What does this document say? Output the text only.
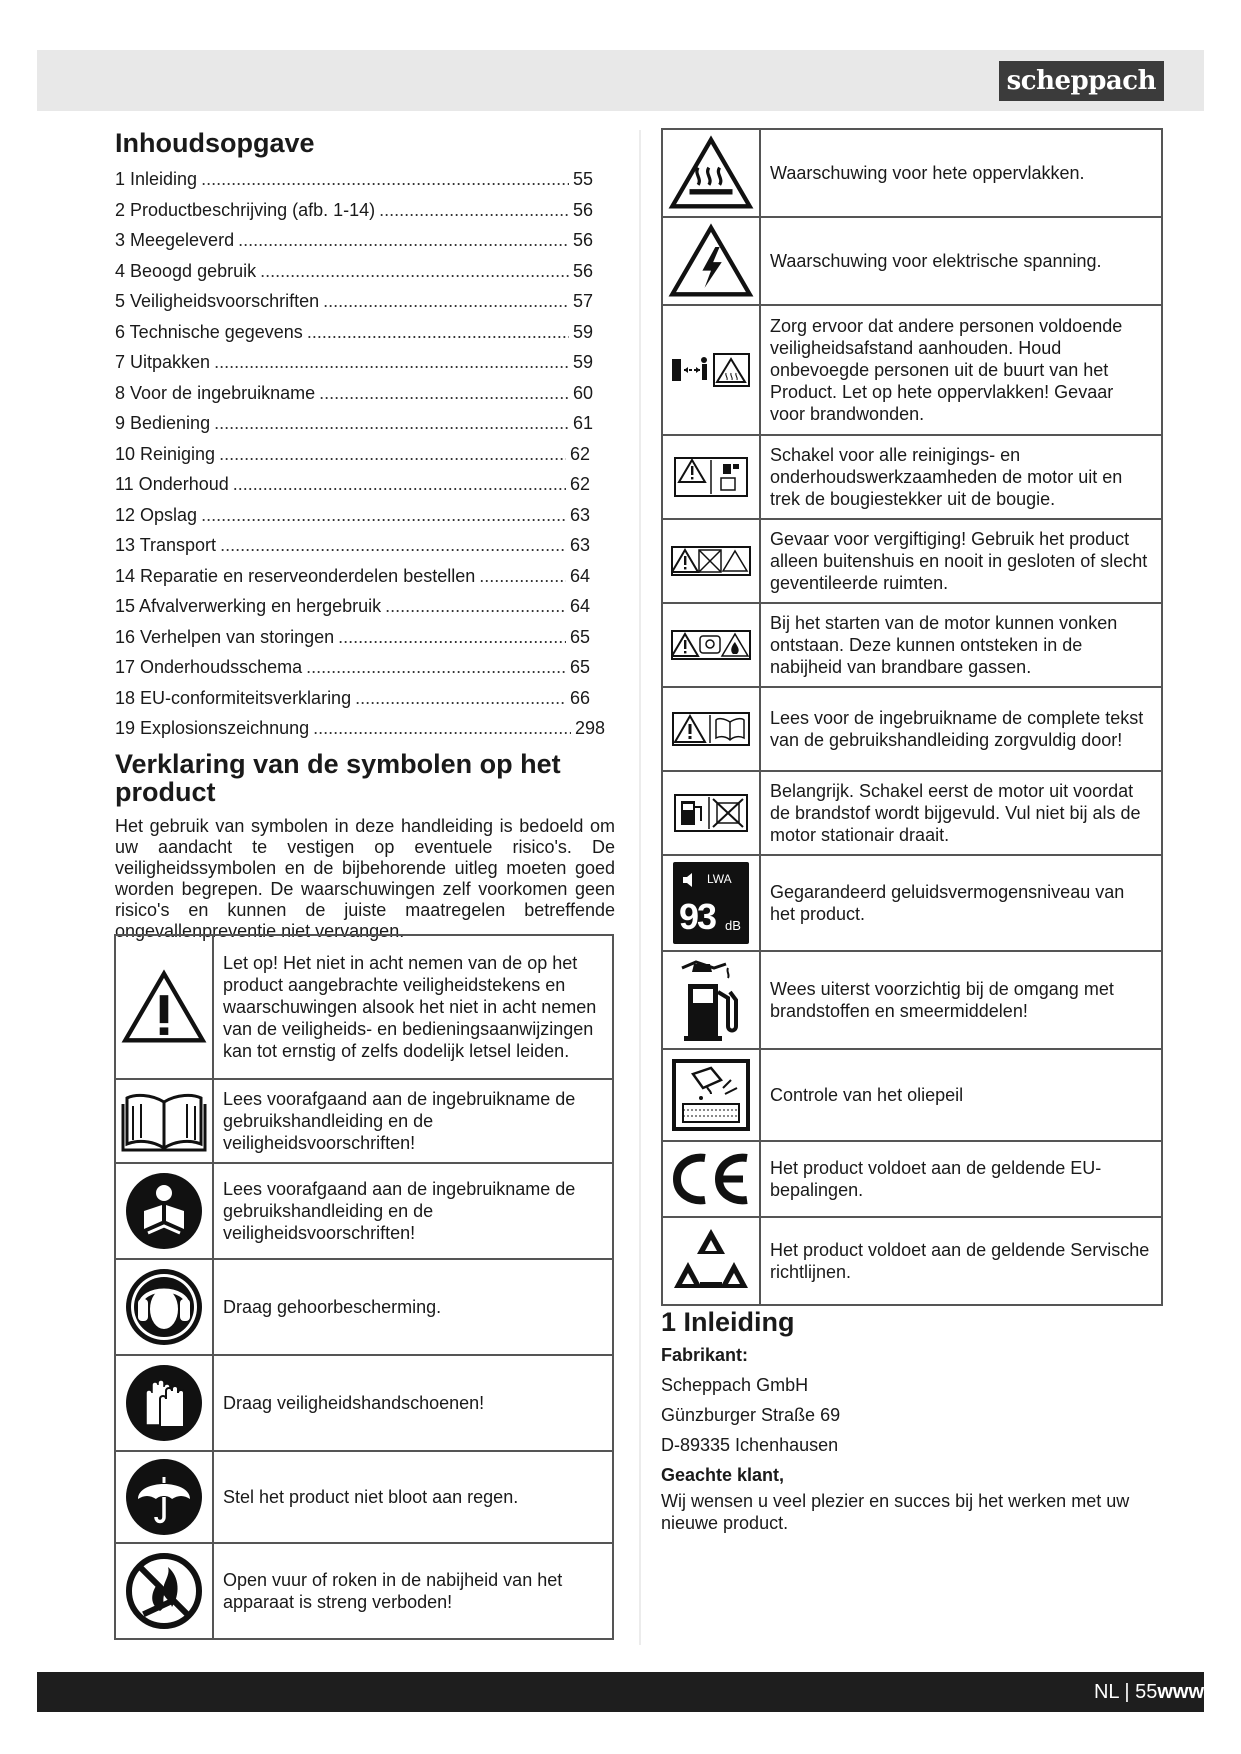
scheppach
Inhoudsopgave
1 Inleiding .....	55
2 Productbeschrijving (afb. 1-14) .....	56
3 Meegeleverd .....	56
4 Beoogd gebruik .....	56
5 Veiligheidsvoorschriften .....	57
6 Technische gegevens .....	59
7 Uitpakken .....	59
8 Voor de ingebruikname .....	60
9 Bediening .....	61
10 Reiniging .....	62
11 Onderhoud .....	62
12 Opslag .....	63
13 Transport .....	63
14 Reparatie en reserveonderdelen bestellen .....	64
15 Afvalverwerking en hergebruik .....	64
16 Verhelpen van storingen .....	65
17 Onderhoudsschema .....	65
18 EU-conformiteitsverklaring .....	66
19 Explosionszeichnung .....	298
Verklaring van de symbolen op het product

Het gebruik van symbolen in deze handleiding is bedoeld om uw aandacht te vestigen op eventuele risico's. De veiligheidssymbolen en de bijbehorende uitleg moeten goed worden begrepen. De waarschuwingen zelf voorkomen geen risico's en kunnen de juiste maatregelen betreffende ongevallenpreventie niet vervangen.

	Let op! Het niet in acht nemen van de op het product aangebrachte veiligheidstekens en waarschuwingen alsook het niet in acht nemen van de veiligheids- en bedieningsaanwijzingen kan tot ernstig of zelfs dodelijk letsel leiden.

	Lees voorafgaand aan de ingebruikname de gebruikshandleiding en de veiligheidsvoorschriften!

	Lees voorafgaand aan de ingebruikname de gebruikshandleiding en de veiligheidsvoorschriften!

	Draag gehoorbescherming.

	Draag veiligheidshandschoenen!

	Stel het product niet bloot aan regen.

	Open vuur of roken in de nabijheid van het apparaat is streng verboden!
	Waarschuwing voor hete oppervlakken.

	Waarschuwing voor elektrische spanning.

	Zorg ervoor dat andere personen voldoende veiligheidsafstand aanhouden. Houd onbevoegde personen uit de buurt van het Product. Let op hete oppervlakken! Gevaar voor brandwonden.

	Schakel voor alle reinigings- en onderhoudswerkzaamheden de motor uit en trek de bougiestekker uit de bougie.

	Gevaar voor vergiftiging! Gebruik het product alleen buitenshuis en nooit in gesloten of slecht geventileerde ruimten.

	Bij het starten van de motor kunnen vonken ontstaan. Deze kunnen ontsteken in de nabijheid van brandbare gassen.

	Lees voor de ingebruikname de complete tekst van de gebruikshandleiding zorgvuldig door!

	Belangrijk. Schakel eerst de motor uit voordat de brandstof wordt bijgevuld. Vul niet bij als de motor stationair draait.

LWA
93 dB	Gegarandeerd geluidsvermogensniveau van het product.

	Wees uiterst voorzichtig bij de omgang met brandstoffen en smeermiddelen!

	Controle van het oliepeil

	Het product voldoet aan de geldende EU-bepalingen.

	Het product voldoet aan de geldende Servische richtlijnen.
1 Inleiding

Fabrikant:

Scheppach GmbH

Günzburger Straße 69

D-89335 Ichenhausen

Geachte klant,

Wij wensen u veel plezier en succes bij het werken met uw nieuwe product.

NL | 55www
